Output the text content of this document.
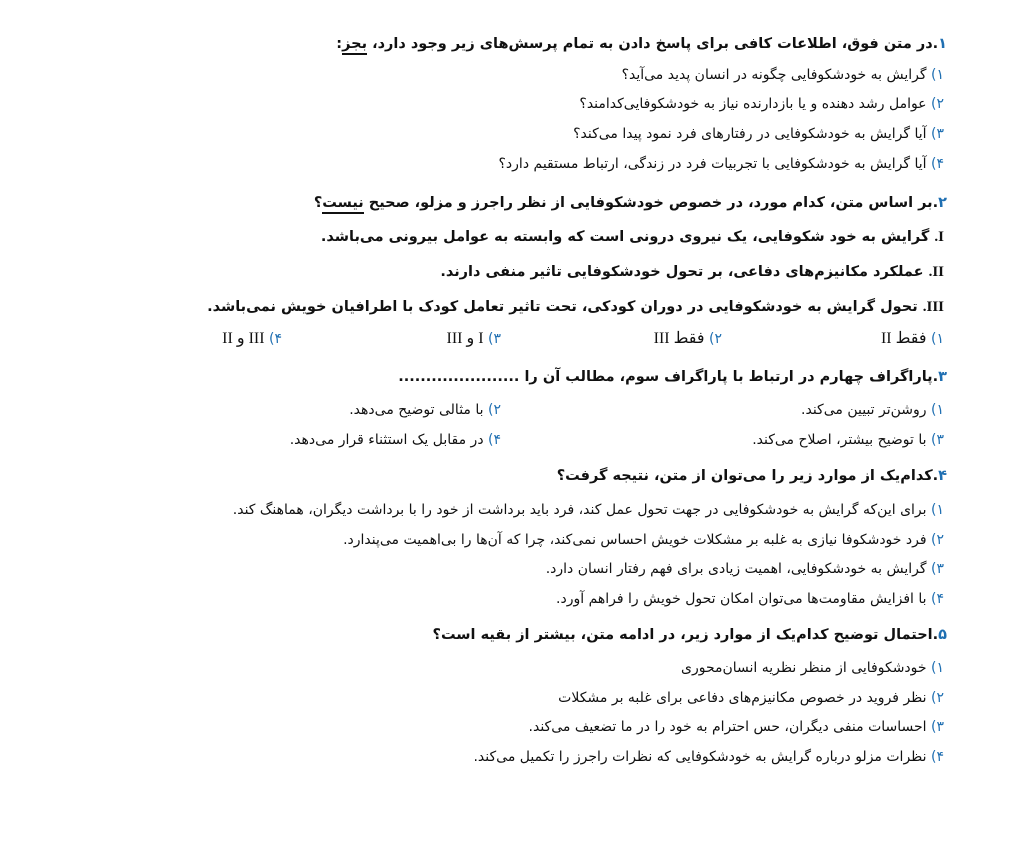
۱.در متن فوق، اطلاعات کافی برای پاسخ دادن به تمام پرسش‌های زیر وجود دارد، بجز:
۱) گرایش به خودشکوفایی چگونه در انسان پدید می‌آید؟
۲) عوامل رشد دهنده و یا بازدارنده نیاز به خودشکوفایی‌کدامند؟
۳) آیا گرایش به خودشکوفایی در رفتارهای فرد نمود پیدا می‌کند؟
۴) آیا گرایش به خودشکوفایی با تجربیات فرد در زندگی، ارتباط مستقیم دارد؟
۲.بر اساس متن، کدام مورد، در خصوص خودشکوفایی از نظر راجرز و مزلو، صحیح نیست؟
I. گرایش به خود شکوفایی، یک نیروی درونی است که وابسته به عوامل بیرونی می‌باشد.
II. عملکرد مکانیزم‌های دفاعی، بر تحول خودشکوفایی تاثیر منفی دارند.
III. تحول گرایش به خودشکوفایی در دوران کودکی، تحت تاثیر تعامل کودک با اطرافیان خویش نمی‌باشد.
۱) فقط II
۲) فقط III
۳) I و III
۴) III و II
۳.پاراگراف چهارم در ارتباط با پاراگراف سوم، مطالب آن را ......................
۱) روشن‌تر تبیین می‌کند.
۲) با مثالی توضیح می‌دهد.
۳) با توضیح بیشتر، اصلاح می‌کند.
۴) در مقابل یک استثناء قرار می‌دهد.
۴.کدام‌یک از موارد زیر را می‌توان از متن، نتیجه گرفت؟
۱) برای این‌که گرایش به خودشکوفایی در جهت تحول عمل کند، فرد باید برداشت از خود را با برداشت دیگران، هماهنگ کند.
۲) فرد خودشکوفا نیازی به غلبه بر مشکلات خویش احساس نمی‌کند، چرا که آن‌ها را بی‌اهمیت می‌پندارد.
۳) گرایش به خودشکوفایی، اهمیت زیادی برای فهم رفتار انسان دارد.
۴) با افزایش مقاومت‌ها می‌توان امکان تحول خویش را فراهم آورد.
۵.احتمال توضیح کدام‌یک از موارد زیر، در ادامه متن، بیشتر از بقیه است؟
۱) خودشکوفایی از منظر نظریه انسان‌محوری
۲) نظر فروید در خصوص مکانیزم‌های دفاعی برای غلبه بر مشکلات
۳) احساسات منفی دیگران، حس احترام به خود را در ما تضعیف می‌کند.
۴) نظرات مزلو درباره گرایش به خودشکوفایی که نظرات راجرز را تکمیل می‌کند.
